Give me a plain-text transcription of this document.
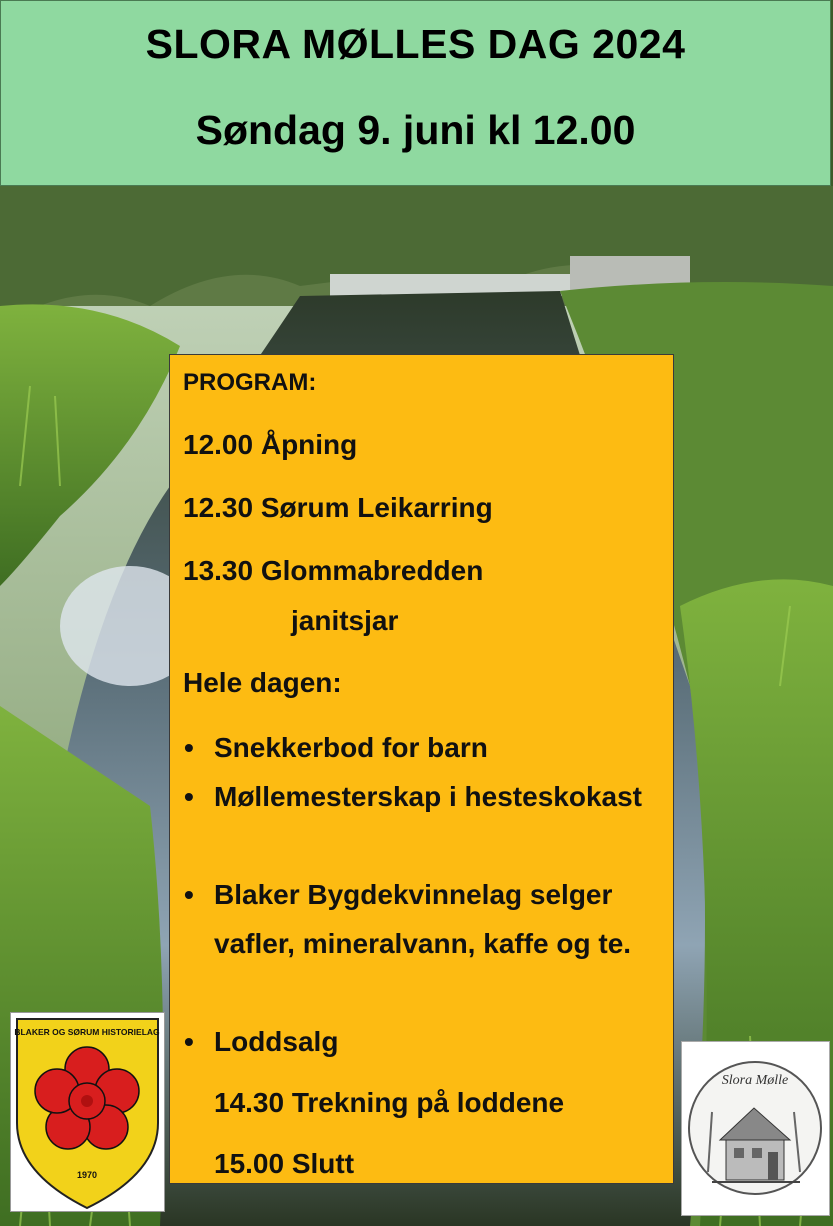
SLORA MØLLES DAG 2024
Søndag 9. juni kl 12.00
PROGRAM:
12.00 Åpning
12.30 Sørum Leikarring
13.30 Glommabredden
janitsjar
Hele dagen:
• Snekkerbod for barn
• Møllemesterskap i hesteskokast
• Blaker Bygdekvinnelag selger vafler, mineralvann, kaffe og te.
• Loddsalg
14.30 Trekning på loddene
15.00 Slutt
BLAKER OG SØRUM HISTORIELAG
1970
Slora Mølle
